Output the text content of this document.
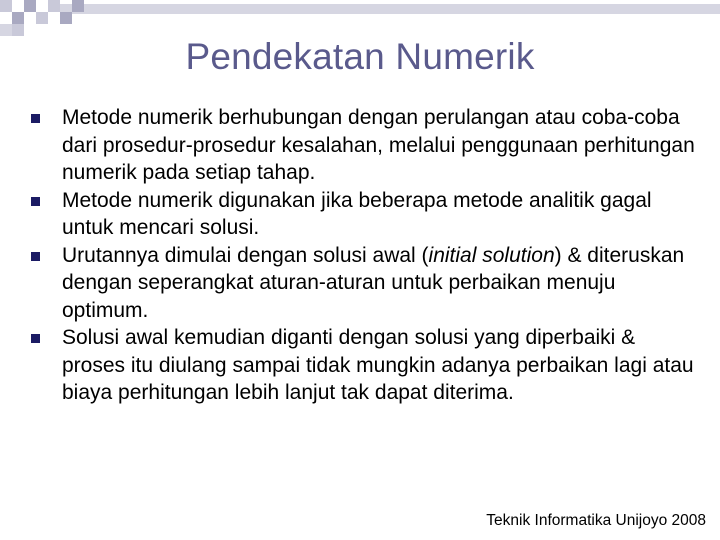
Pendekatan Numerik
Metode numerik berhubungan dengan perulangan atau coba-coba dari prosedur-prosedur kesalahan, melalui penggunaan perhitungan numerik pada setiap tahap.
Metode numerik digunakan jika beberapa metode analitik gagal untuk mencari solusi.
Urutannya dimulai dengan solusi awal (initial solution) & diteruskan dengan seperangkat aturan-aturan untuk perbaikan menuju optimum.
Solusi awal kemudian diganti dengan solusi yang diperbaiki & proses itu diulang sampai tidak mungkin adanya perbaikan lagi atau biaya perhitungan lebih lanjut tak dapat diterima.
Teknik Informatika Unijoyo 2008
